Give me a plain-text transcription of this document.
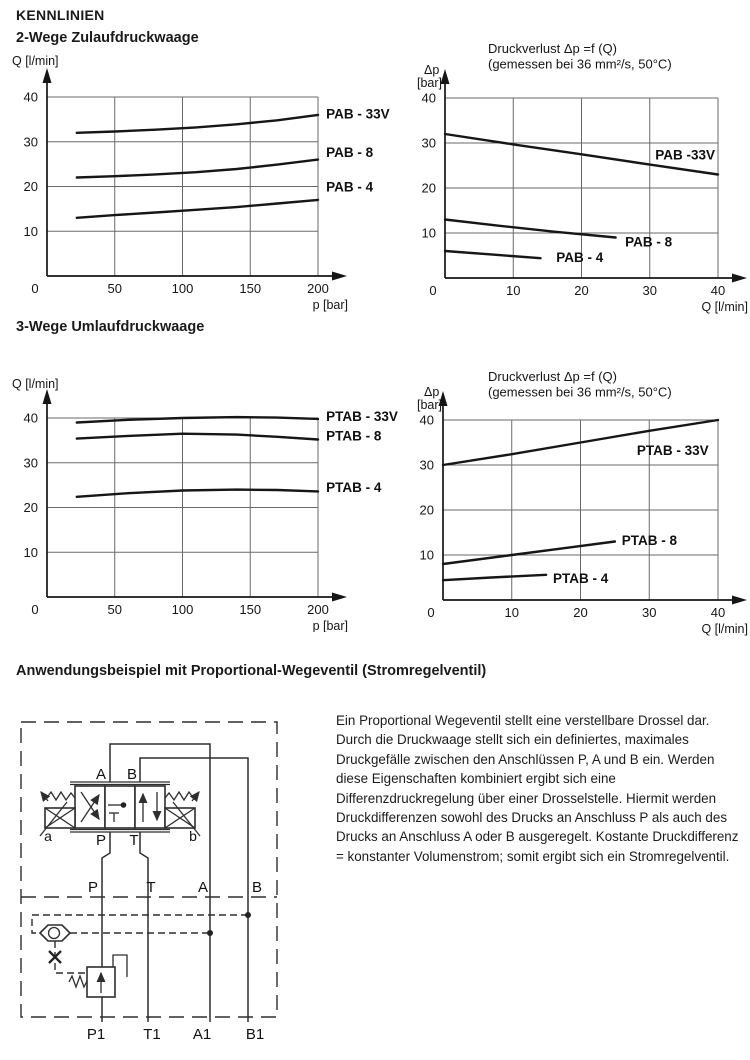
KENNLINIEN
2-Wege Zulaufdruckwaage
0	50	100	150	200
10
20
30
40
Q [l/min]
p [bar]
PAB - 33V
PAB - 8
PAB - 4
0	10	20	30	40
10
20
30
40
Druckverlust Δp =f (Q)
(gemessen bei 36 mm²/s, 50°C)
Δp
[bar]
Q [l/min]
PAB -33V
PAB - 8
PAB - 4
3-Wege Umlaufdruckwaage
0	50	100	150	200
10
20
30
40
Q [l/min]
p [bar]
PTAB - 33V
PTAB - 8
PTAB - 4
0	10	20	30	40
10
20
30
40
Druckverlust Δp =f (Q)
(gemessen bei 36 mm²/s, 50°C)
Δp
[bar]
Q [l/min]
PTAB - 33V
PTAB - 8
PTAB - 4
Anwendungsbeispiel mit Proportional-Wegeventil (Stromregelventil)
A B
P T
a	b
P	T	A	B
P1	T1 A1 B1

Ein Proportional Wegeventil stellt eine verstellbare Drossel dar. Durch die Druckwaage stellt sich ein definiertes, maximales Druckgefälle zwischen den Anschlüssen P, A und B ein. Werden diese Eigenschaften kombiniert ergibt sich eine Differenzdruckregelung über einer Drosselstelle. Hiermit werden Druckdifferenzen sowohl des Drucks an Anschluss P als auch des Drucks an Anschluss A oder B ausgeregelt. Kostante Druckdifferenz = konstanter Volumenstrom; somit ergibt sich ein Stromregelventil.
